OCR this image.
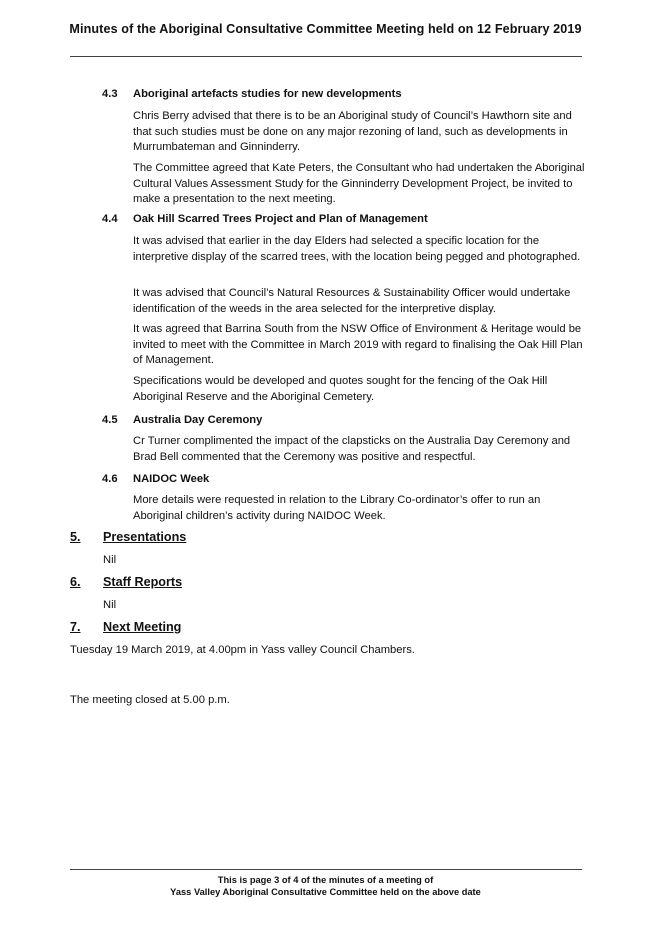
Minutes of the Aboriginal Consultative Committee Meeting held on 12 February 2019
4.3 Aboriginal artefacts studies for new developments
Chris Berry advised that there is to be an Aboriginal study of Council’s Hawthorn site and that such studies must be done on any major rezoning of land, such as developments in Murrumbateman and Ginninderry.
The Committee agreed that Kate Peters, the Consultant who had undertaken the Aboriginal Cultural Values Assessment Study for the Ginninderry Development Project, be invited to make a presentation to the next meeting.
4.4 Oak Hill Scarred Trees Project and Plan of Management
It was advised that earlier in the day Elders had selected a specific location for the interpretive display of the scarred trees, with the location being pegged and photographed.
It was advised that Council’s Natural Resources & Sustainability Officer would undertake identification of the weeds in the area selected for the interpretive display.
It was agreed that Barrina South from the NSW Office of Environment & Heritage would be invited to meet with the Committee in March 2019 with regard to finalising the Oak Hill Plan of Management.
Specifications would be developed and quotes sought for the fencing of the Oak Hill Aboriginal Reserve and the Aboriginal Cemetery.
4.5 Australia Day Ceremony
Cr Turner complimented the impact of the clapsticks on the Australia Day Ceremony and Brad Bell commented that the Ceremony was positive and respectful.
4.6 NAIDOC Week
More details were requested in relation to the Library Co-ordinator’s offer to run an Aboriginal children’s activity during NAIDOC Week.
5. Presentations
Nil
6. Staff Reports
Nil
7. Next Meeting
Tuesday 19 March 2019, at 4.00pm in Yass valley Council Chambers.
The meeting closed at 5.00 p.m.
This is page 3 of 4 of the minutes of a meeting of
Yass Valley Aboriginal Consultative Committee held on the above date
